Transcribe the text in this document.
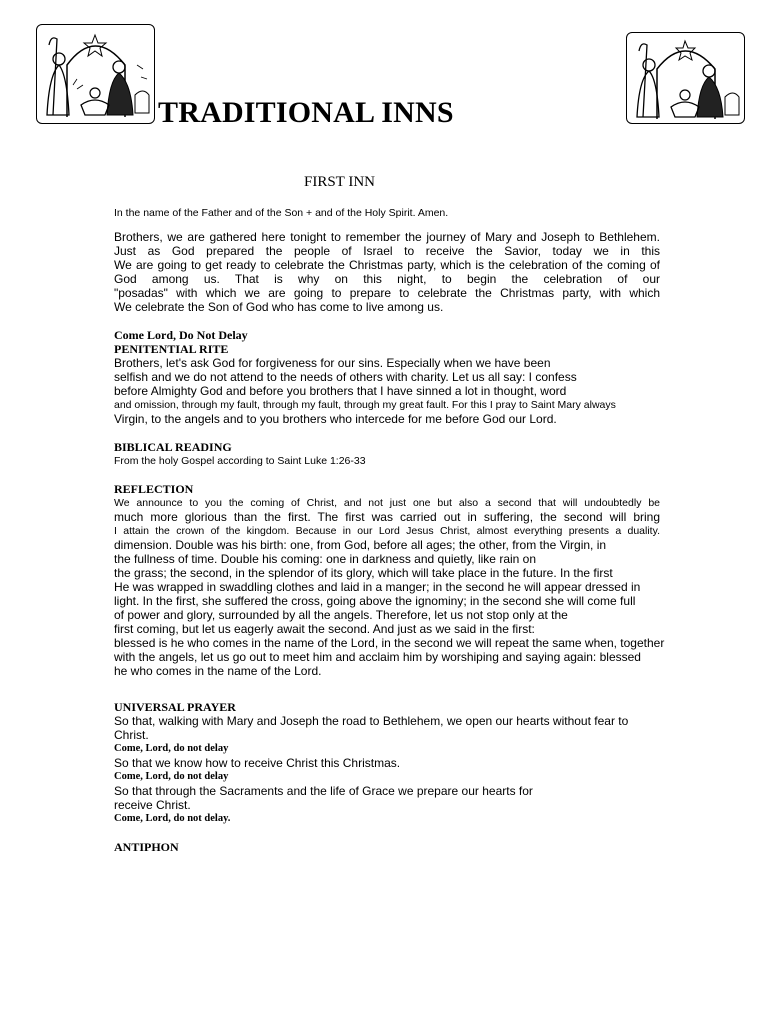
TRADITIONAL INNS
FIRST INN
In the name of the Father and of the Son + and of the Holy Spirit. Amen.
Brothers, we are gathered here tonight to remember the journey of Mary and Joseph to Bethlehem.
Just as God prepared the people of Israel to receive the Savior, today we in this
We are going to get ready to celebrate the Christmas party, which is the celebration of the coming of
God among us. That is why on this night, to begin the celebration of our
"posadas" with which we are going to prepare to celebrate the Christmas party, with which
We celebrate the Son of God who has come to live among us.
Come Lord, Do Not Delay
PENITENTIAL RITE
Brothers, let's ask God for forgiveness for our sins. Especially when we have been
selfish and we do not attend to the needs of others with charity. Let us all say: I confess
before Almighty God and before you brothers that I have sinned a lot in thought, word
and omission, through my fault, through my fault, through my great fault. For this I pray to Saint Mary always
Virgin, to the angels and to you brothers who intercede for me before God our Lord.
BIBLICAL READING
From the holy Gospel according to Saint Luke 1:26-33
REFLECTION
We announce to you the coming of Christ, and not just one but also a second that will undoubtedly be
much more glorious than the first. The first was carried out in suffering, the second will bring
I attain the crown of the kingdom. Because in our Lord Jesus Christ, almost everything presents a duality.
dimension. Double was his birth: one, from God, before all ages; the other, from the Virgin, in
the fullness of time. Double his coming: one in darkness and quietly, like rain on
the grass; the second, in the splendor of its glory, which will take place in the future. In the first
He was wrapped in swaddling clothes and laid in a manger; in the second he will appear dressed in
light. In the first, she suffered the cross, going above the ignominy; in the second she will come full
of power and glory, surrounded by all the angels. Therefore, let us not stop only at the
first coming, but let us eagerly await the second. And just as we said in the first:
blessed is he who comes in the name of the Lord, in the second we will repeat the same when, together
with the angels, let us go out to meet him and acclaim him by worshiping and saying again: blessed
he who comes in the name of the Lord.
UNIVERSAL PRAYER
So that, walking with Mary and Joseph the road to Bethlehem, we open our hearts without fear to
Christ.
Come, Lord, do not delay
So that we know how to receive Christ this Christmas.
Come, Lord, do not delay
So that through the Sacraments and the life of Grace we prepare our hearts for
receive Christ.
Come, Lord, do not delay.
ANTIPHON
